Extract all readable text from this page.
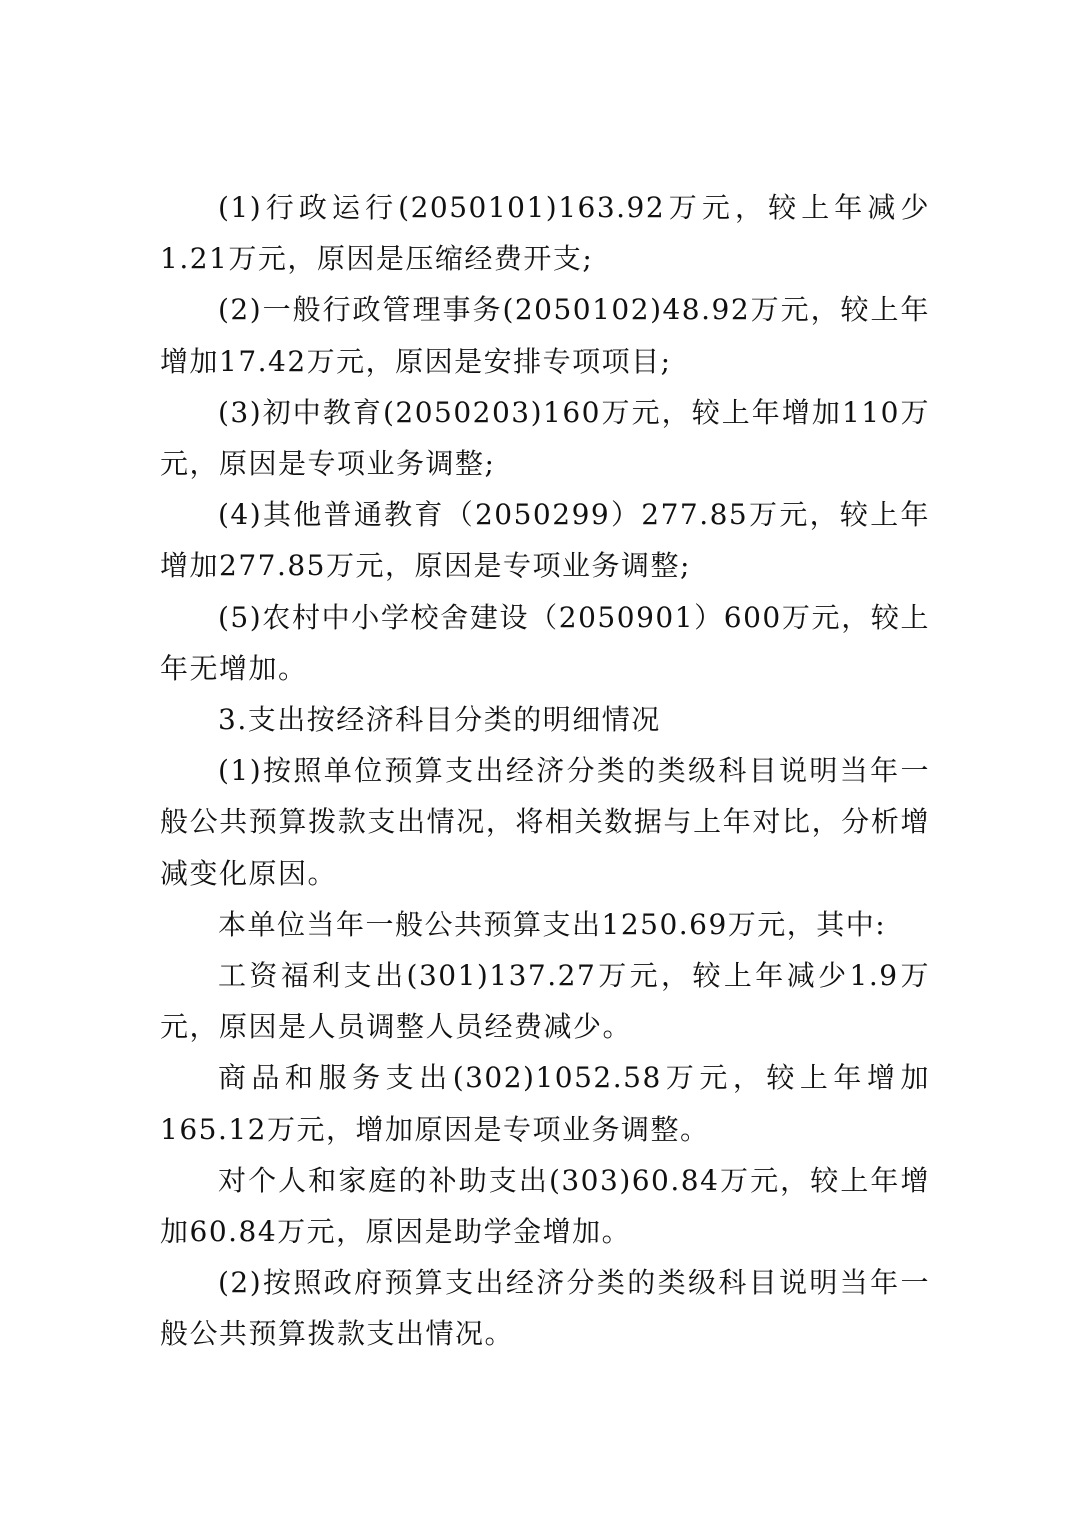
(1)行政运行(2050101)163.92万元，较上年减少1.21万元，原因是压缩经费开支;

(2)一般行政管理事务(2050102)48.92万元，较上年增加17.42万元，原因是安排专项项目;

(3)初中教育(2050203)160万元，较上年增加110万元，原因是专项业务调整;

(4)其他普通教育（2050299）277.85万元，较上年增加277.85万元，原因是专项业务调整;

(5)农村中小学校舍建设（2050901）600万元，较上年无增加。

3.支出按经济科目分类的明细情况

(1)按照单位预算支出经济分类的类级科目说明当年一般公共预算拨款支出情况，将相关数据与上年对比，分析增减变化原因。

本单位当年一般公共预算支出1250.69万元，其中:

工资福利支出(301)137.27万元，较上年减少1.9万元，原因是人员调整人员经费减少。

商品和服务支出(302)1052.58万元，较上年增加165.12万元，增加原因是专项业务调整。

对个人和家庭的补助支出(303)60.84万元，较上年增加60.84万元，原因是助学金增加。

(2)按照政府预算支出经济分类的类级科目说明当年一般公共预算拨款支出情况。
